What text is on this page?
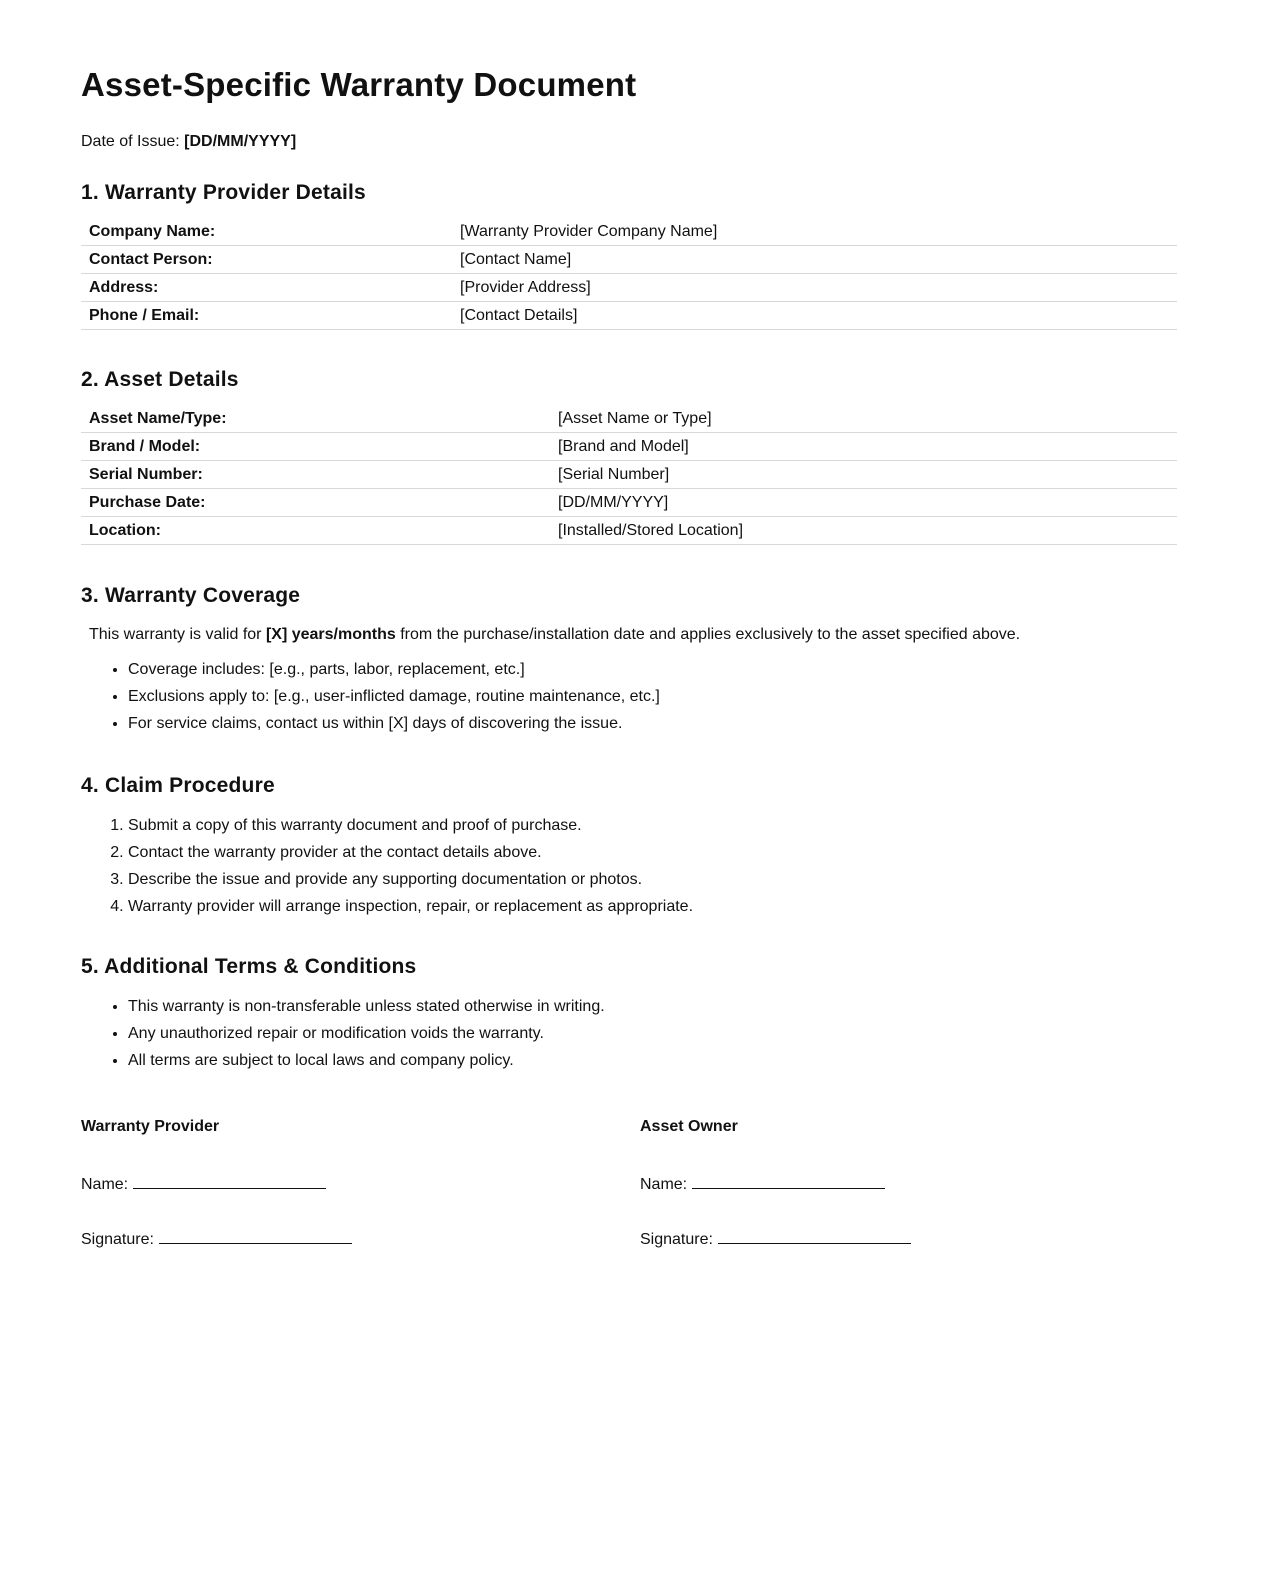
Asset-Specific Warranty Document
Date of Issue: [DD/MM/YYYY]
1. Warranty Provider Details
Company Name:	[Warranty Provider Company Name]
Contact Person:	[Contact Name]
Address:	[Provider Address]
Phone / Email:	[Contact Details]
2. Asset Details
Asset Name/Type:	[Asset Name or Type]
Brand / Model:	[Brand and Model]
Serial Number:	[Serial Number]
Purchase Date:	[DD/MM/YYYY]
Location:	[Installed/Stored Location]
3. Warranty Coverage
This warranty is valid for [X] years/months from the purchase/installation date and applies exclusively to the asset specified above.
• Coverage includes: [e.g., parts, labor, replacement, etc.]
• Exclusions apply to: [e.g., user-inflicted damage, routine maintenance, etc.]
• For service claims, contact us within [X] days of discovering the issue.
4. Claim Procedure
1. Submit a copy of this warranty document and proof of purchase.
2. Contact the warranty provider at the contact details above.
3. Describe the issue and provide any supporting documentation or photos.
4. Warranty provider will arrange inspection, repair, or replacement as appropriate.
5. Additional Terms & Conditions
• This warranty is non-transferable unless stated otherwise in writing.
• Any unauthorized repair or modification voids the warranty.
• All terms are subject to local laws and company policy.
Warranty Provider
Name:
Signature:
Asset Owner
Name:
Signature:
